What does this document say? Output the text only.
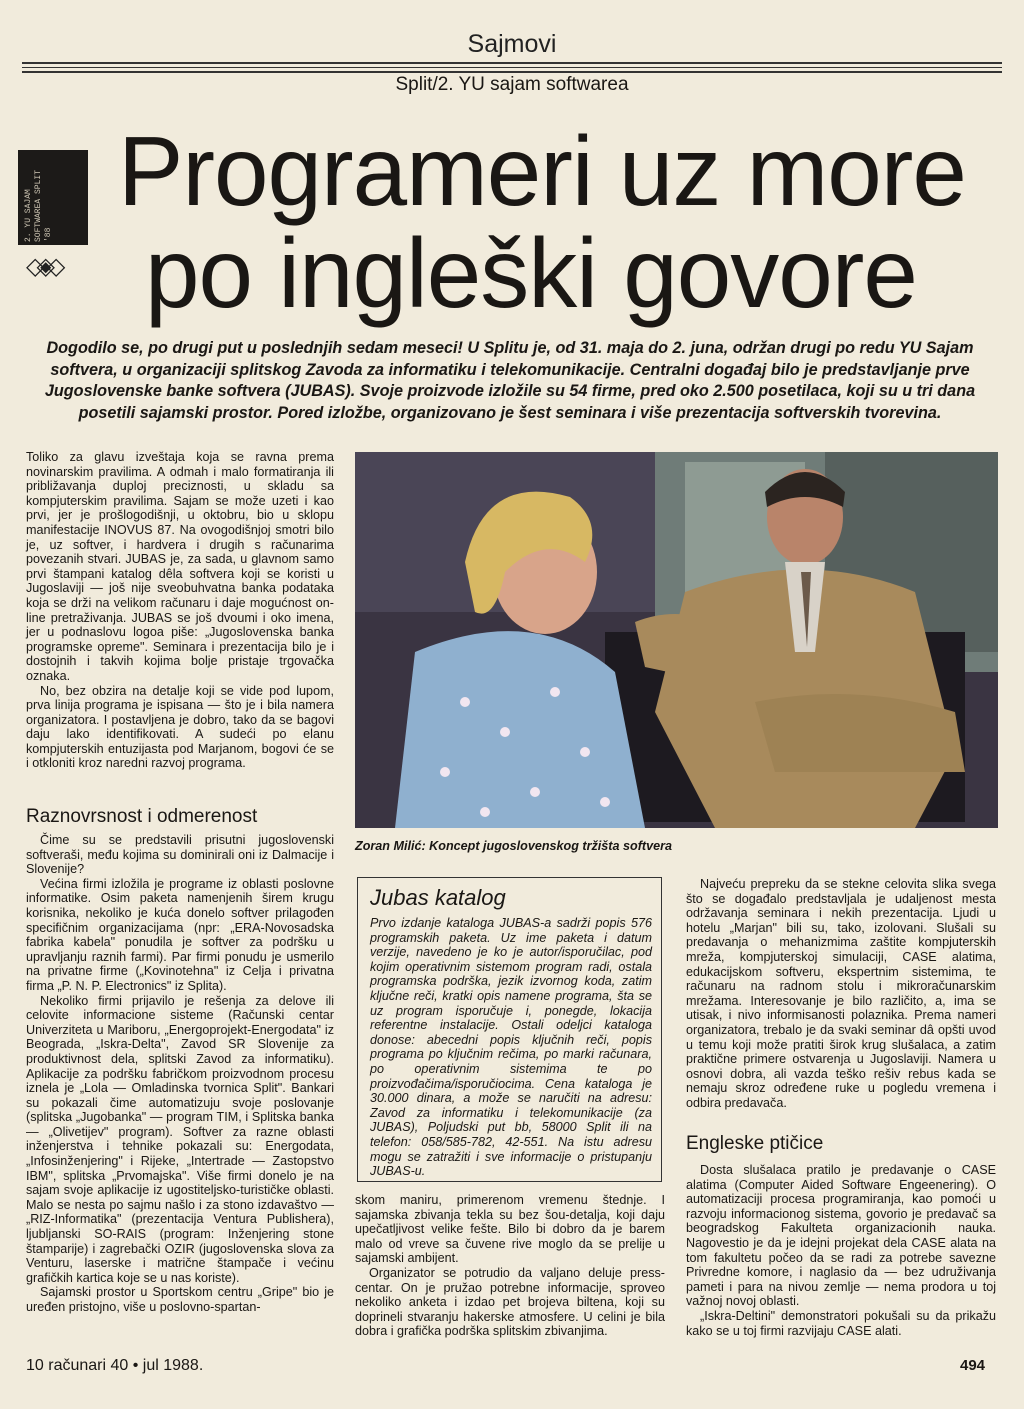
Sajmovi
Split/2. YU sajam softwarea
2. YU SAJAM SOFTWAREA SPLIT '88
◇◈◇
Programeri uz more
po ingleški govore
Dogodilo se, po drugi put u poslednjih sedam meseci! U Splitu je, od 31. maja do 2. juna, održan drugi po redu YU Sajam softvera, u organizaciji splitskog Zavoda za informatiku i telekomunikacije. Centralni događaj bilo je predstavljanje prve Jugoslovenske banke softvera (JUBAS). Svoje proizvode izložile su 54 firme, pred oko 2.500 posetilaca, koji su u tri dana posetili sajamski prostor. Pored izložbe, organizovano je šest seminara i više prezentacija softverskih tvorevina.

Toliko za glavu izveštaja koja se ravna prema novinarskim pravilima. A odmah i malo formatiranja ili približavanja duploj preciznosti, u skladu sa kompjuterskim pravilima. Sajam se može uzeti i kao prvi, jer je prošlogodišnji, u oktobru, bio u sklopu manifestacije INOVUS 87. Na ovogodišnjoj smotri bilo je, uz softver, i hardvera i drugih s računarima povezanih stvari. JUBAS je, za sada, u glavnom samo prvi štampani katalog dêla softvera koji se koristi u Jugoslaviji — još nije sveobuhvatna banka podataka koja se drži na velikom računaru i daje mogućnost on-line pretraživanja. JUBAS se još dvoumi i oko imena, jer u podnaslovu logoa piše: „Jugoslovenska banka programske opreme". Seminara i prezentacija bilo je i dostojnih i takvih kojima bolje pristaje trgovačka oznaka.

No, bez obzira na detalje koji se vide pod lupom, prva linija programa je ispisana — što je i bila namera organizatora. I postavljena je dobro, tako da se bagovi daju lako identifikovati. A sudeći po elanu kompjuterskih entuzijasta pod Marjanom, bogovi će se i otkloniti kroz naredni razvoj programa.

Raznovrsnost i odmerenost

Čime su se predstavili prisutni jugoslovenski softveraši, među kojima su dominirali oni iz Dalmacije i Slovenije?

Većina firmi izložila je programe iz oblasti poslovne informatike. Osim paketa namenjenih širem krugu korisnika, nekoliko je kuća donelo softver prilagođen specifičnim organizacijama (npr: „ERA-Novosadska fabrika kabela" ponudila je softver za podršku u upravljanju raznih farmi). Par firmi ponudu je usmerilo na privatne firme („Kovinotehna" iz Celja i privatna firma „P. N. P. Electronics" iz Splita).

Nekoliko firmi prijavilo je rešenja za delove ili celovite informacione sisteme (Računski centar Univerziteta u Mariboru, „Energoprojekt-Energodata" iz Beograda, „Iskra-Delta", Zavod SR Slovenije za produktivnost dela, splitski Zavod za informatiku). Aplikacije za podršku fabričkom proizvodnom procesu iznela je „Lola — Omladinska tvornica Split". Bankari su pokazali čime automatizuju svoje poslovanje (splitska „Jugobanka" — program TIM, i Splitska banka — „Olivetijev" program). Softver za razne oblasti inženjerstva i tehnike pokazali su: Energodata, „Infosinženjering" i Rijeke, „Intertrade — Zastopstvo IBM", splitska „Prvomajska". Više firmi donelo je na sajam svoje aplikacije iz ugostiteljsko-turističke oblasti. Malo se nesta po sajmu našlo i za stono izdavaštvo — „RIZ-Informatika" (prezentacija Ventura Publishera), ljubljanski SO-RAIS (program: Inženjering stone štamparije) i zagrebački OZIR (jugoslovenska slova za Venturu, laserske i matrične štampače i većinu grafičkih kartica koje se u nas koriste).

Sajamski prostor u Sportskom centru „Gripe" bio je uređen pristojno, više u poslovno-spartan-

Zoran Milić: Koncept jugoslovenskog tržišta softvera
Jubas katalog
Prvo izdanje kataloga JUBAS-a sadrži popis 576 programskih paketa. Uz ime paketa i datum verzije, navedeno je ko je autor/isporučilac, pod kojim operativnim sistemom program radi, ostala programska podrška, jezik izvornog koda, zatim ključne reči, kratki opis namene programa, šta se uz program isporučuje i, ponegde, lokacija referentne instalacije. Ostali odeljci kataloga donose: abecedni popis ključnih reči, popis programa po ključnim rečima, po marki računara, po operativnim sistemima te po proizvođačima/isporučiocima. Cena kataloga je 30.000 dinara, a može se naručiti na adresu: Zavod za informatiku i telekomunikacije (za JUBAS), Poljudski put bb, 58000 Split ili na telefon: 058/585-782, 42-551. Na istu adresu mogu se zatražiti i sve informacije o pristupanju JUBAS-u.

skom maniru, primerenom vremenu štednje. I sajamska zbivanja tekla su bez šou-detalja, koji daju upečatljivost velike fešte. Bilo bi dobro da je barem malo od vreve sa čuvene rive moglo da se prelije u sajamski ambijent.

Organizator se potrudio da valjano deluje press-centar. On je pružao potrebne informacije, sproveo nekoliko anketa i izdao pet brojeva biltena, koji su doprineli stvaranju hakerske atmosfere. U celini je bila dobra i grafička podrška splitskim zbivanjima.

Najveću prepreku da se stekne celovita slika svega što se događalo predstavljala je udaljenost mesta održavanja seminara i nekih prezentacija. Ljudi u hotelu „Marjan" bili su, tako, izolovani. Slušali su predavanja o mehanizmima zaštite kompjuterskih mreža, kompjuterskoj simulaciji, CASE alatima, edukacijskom softveru, ekspertnim sistemima, te računaru na radnom stolu i mikroračunarskim mrežama. Interesovanje je bilo različito, a, ima se utisak, i nivo informisanosti polaznika. Prema nameri organizatora, trebalo je da svaki seminar dâ opšti uvod u temu koji može pratiti širok krug slušalaca, a zatim praktične primere ostvarenja u Jugoslaviji. Namera u osnovi dobra, ali vazda teško rešiv rebus kada se nemaju skroz određene ruke u pogledu vremena i odbira predavača.

Engleske ptičice

Dosta slušalaca pratilo je predavanje o CASE alatima (Computer Aided Software Engeenering). O automatizaciji procesa programiranja, kao pomoći u razvoju informacionog sistema, govorio je predavač sa beogradskog Fakulteta organizacionih nauka. Nagovestio je da je idejni projekat dela CASE alata na tom fakultetu počeo da se radi za potrebe savezne Privredne komore, i naglasio da — bez udruživanja pameti i para na nivou zemlje — nema prodora u toj važnoj novoj oblasti.

„Iskra-Deltini" demonstratori pokušali su da prikažu kako se u toj firmi razvijaju CASE alati.

10 računari 40 • jul 1988.	494
